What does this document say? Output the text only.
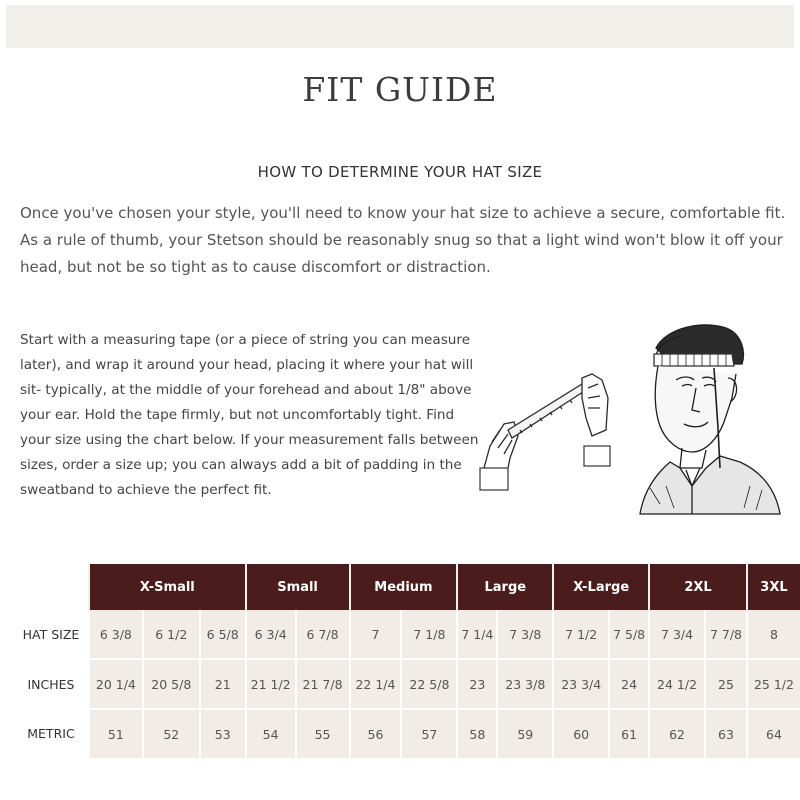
FIT GUIDE
HOW TO DETERMINE YOUR HAT SIZE
Once you've chosen your style, you'll need to know your hat size to achieve a secure, comfortable fit. As a rule of thumb, your Stetson should be reasonably snug so that a light wind won't blow it off your head, but not be so tight as to cause discomfort or distraction.
Start with a measuring tape (or a piece of string you can measure later), and wrap it around your head, placing it where your hat will sit- typically, at the middle of your forehead and about 1/8" above your ear. Hold the tape firmly, but not uncomfortably tight. Find your size using the chart below. If your measurement falls between sizes, order a size up; you can always add a bit of padding in the sweatband to achieve the perfect fit.
	X-Small			Small		Medium		Large		X-Large		2XL		3XL
HAT SIZE	6 3/8	6 1/2	6 5/8	6 3/4	6 7/8	7	7 1/8	7 1/4	7 3/8	7 1/2	7 5/8	7 3/4	7 7/8	8
INCHES	20 1/4	20 5/8	21	21 1/2	21 7/8	22 1/4	22 5/8	23	23 3/8	23 3/4	24	24 1/2	25	25 1/2
METRIC	51	52	53	54	55	56	57	58	59	60	61	62	63	64
